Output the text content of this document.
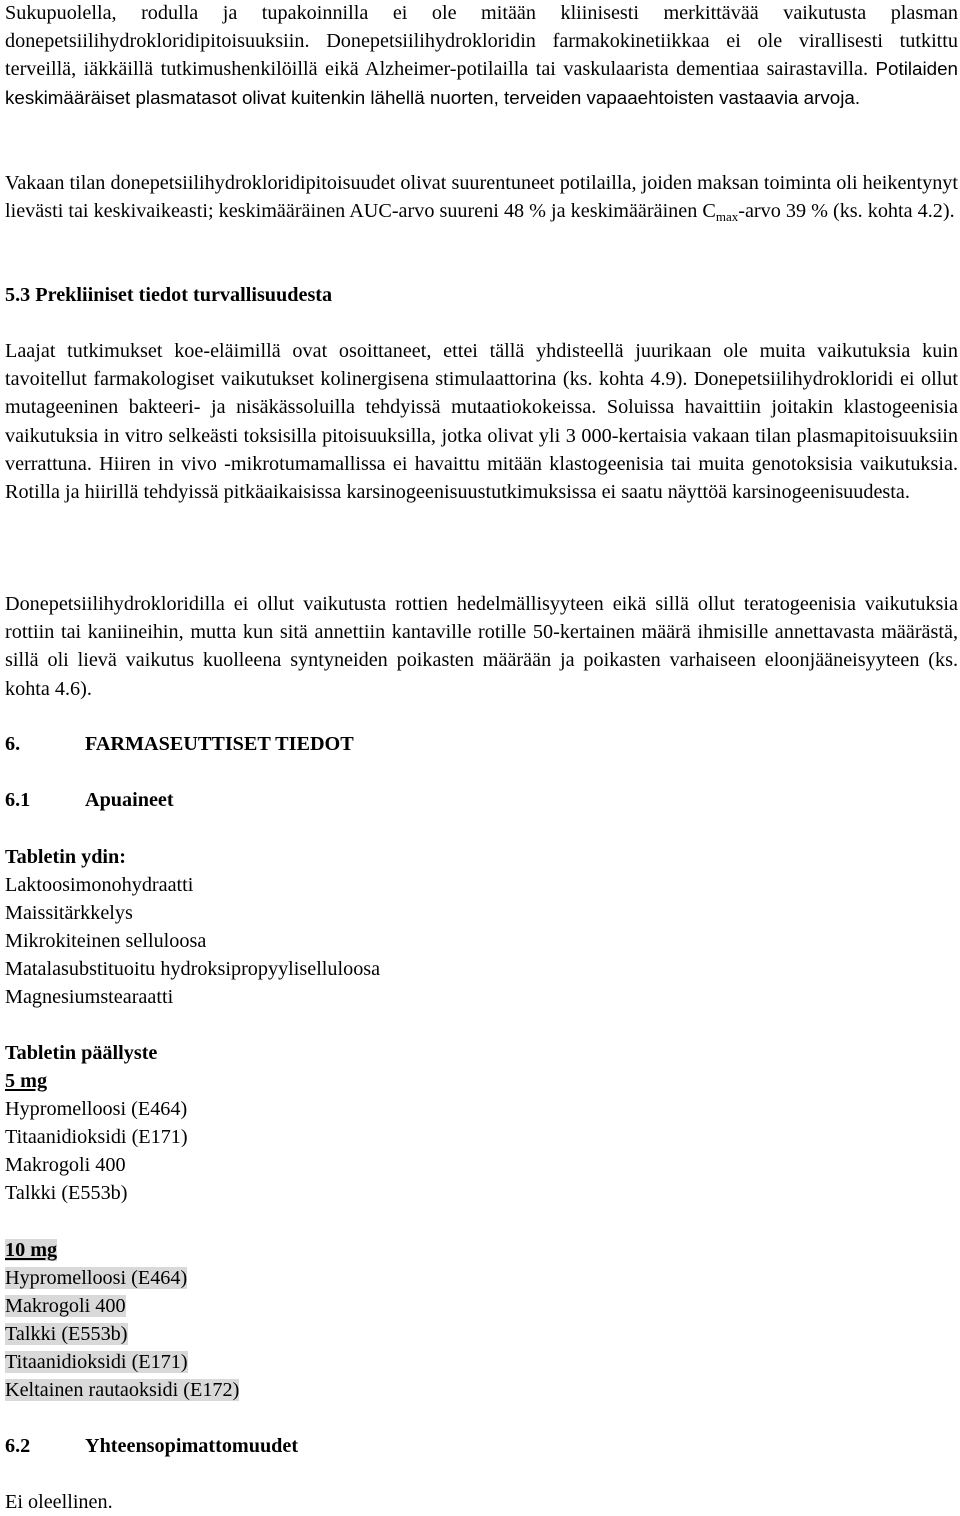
Sukupuolella, rodulla ja tupakoinnilla ei ole mitään kliinisesti merkittävää vaikutusta plasman donepetsiilihydrokloridipitoisuuksiin. Donepetsiilihydrokloridin farmakokinetiikkaa ei ole virallisesti tutkittu terveillä, iäkkäillä tutkimushenkilöillä eikä Alzheimer-potilailla tai vaskulaarista dementiaa sairastavilla. Potilaiden keskimääräiset plasmatasot olivat kuitenkin lähellä nuorten, terveiden vapaaehtoisten vastaavia arvoja.

Vakaan tilan donepetsiilihydrokloridipitoisuudet olivat suurentuneet potilailla, joiden maksan toiminta oli heikentynyt lievästi tai keskivaikeasti; keskimääräinen AUC-arvo suureni 48 % ja keskimääräinen $C_{max}$-arvo 39 % (ks. kohta 4.2).

5.3 Prekliiniset tiedot turvallisuudesta

Laajat tutkimukset koe-eläimillä ovat osoittaneet, ettei tällä yhdisteellä juurikaan ole muita vaikutuksia kuin tavoitellut farmakologiset vaikutukset kolinergisena stimulaattorina (ks. kohta 4.9). Donepetsiilihydrokloridi ei ollut mutageeninen bakteeri- ja nisäkässoluilla tehdyissä mutaatiokokeissa. Soluissa havaittiin joitakin klastogeenisia vaikutuksia in vitro selkeästi toksisilla pitoisuuksilla, jotka olivat yli 3 000-kertaisia vakaan tilan plasmapitoisuuksiin verrattuna. Hiiren in vivo -mikrotumamallissa ei havaittu mitään klastogeenisia tai muita genotoksisia vaikutuksia. Rotilla ja hiirillä tehdyissä pitkäaikaisissa karsinogeenisuustutkimuksissa ei saatu näyttöä karsinogeenisuudesta.

Donepetsiilihydrokloridilla ei ollut vaikutusta rottien hedelmällisyyteen eikä sillä ollut teratogeenisia vaikutuksia rottiin tai kaniineihin, mutta kun sitä annettiin kantaville rotille 50-kertainen määrä ihmisille annettavasta määrästä, sillä oli lievä vaikutus kuolleena syntyneiden poikasten määrään ja poikasten varhaiseen eloonjääneisyyteen (ks. kohta 4.6).

6.	FARMASEUTTISET TIEDOT
6.1	Apuaineet
Tabletin ydin:
Laktoosimonohydraatti
Maissitärkkelys
Mikrokiteinen selluloosa
Matalasubstituoitu hydroksipropyyliselluloosa
Magnesiumstearaatti
Tabletin päällyste
5 mg
Hypromelloosi (E464)
Titaanidioksidi (E171)
Makrogoli 400
Talkki (E553b)
10 mg
Hypromelloosi (E464)
Makrogoli 400
Talkki (E553b)
Titaanidioksidi (E171)
Keltainen rautaoksidi (E172)
6.2	Yhteensopimattomuudet
Ei oleellinen.
